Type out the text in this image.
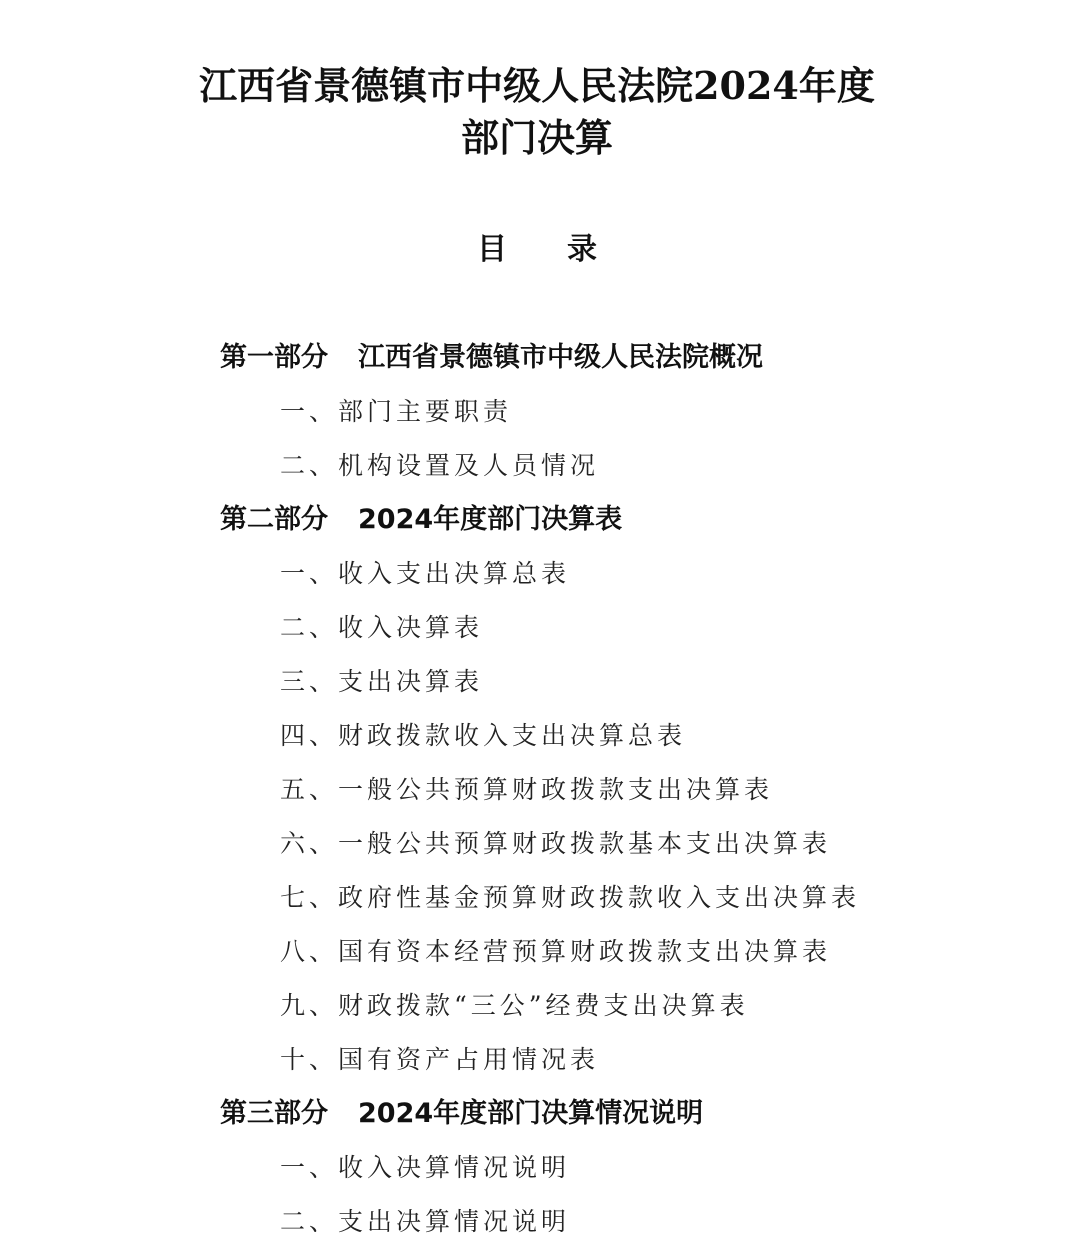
江西省景德镇市中级人民法院2024年度
部门决算
目录
第一部分 江西省景德镇市中级人民法院概况
一、部门主要职责
二、机构设置及人员情况
第二部分 2024年度部门决算表
一、收入支出决算总表
二、收入决算表
三、支出决算表
四、财政拨款收入支出决算总表
五、一般公共预算财政拨款支出决算表
六、一般公共预算财政拨款基本支出决算表
七、政府性基金预算财政拨款收入支出决算表
八、国有资本经营预算财政拨款支出决算表
九、财政拨款“三公”经费支出决算表
十、国有资产占用情况表
第三部分 2024年度部门决算情况说明
一、收入决算情况说明
二、支出决算情况说明
